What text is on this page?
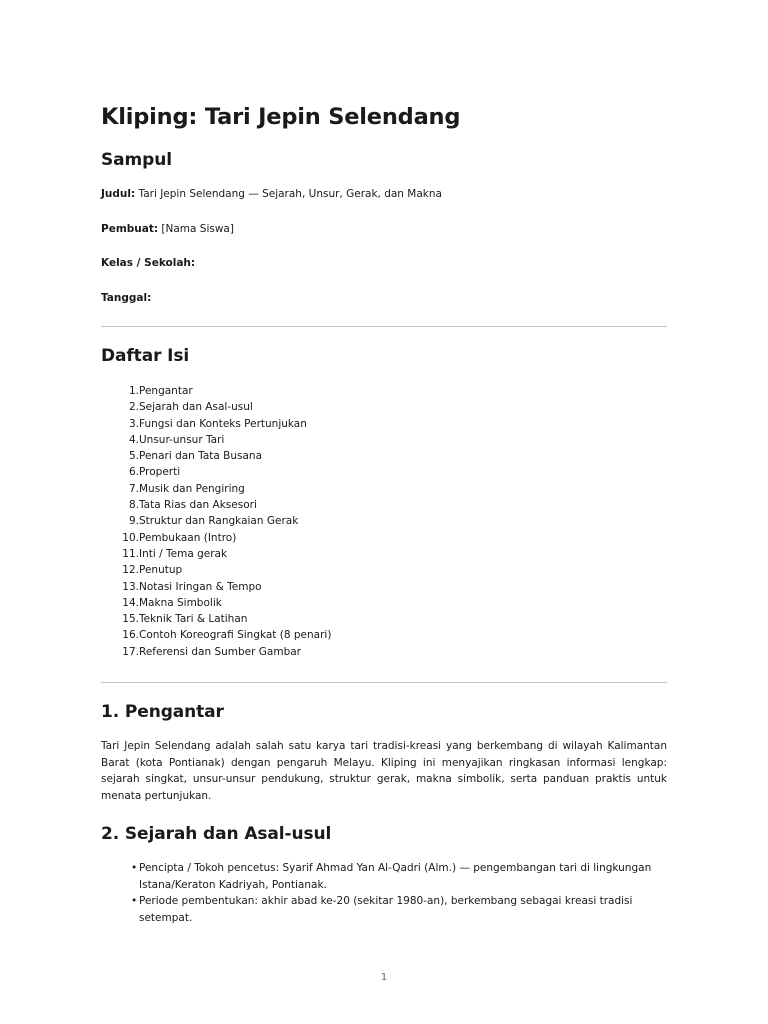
Kliping: Tari Jepin Selendang
Sampul
Judul: Tari Jepin Selendang — Sejarah, Unsur, Gerak, dan Makna
Pembuat: [Nama Siswa]
Kelas / Sekolah:
Tanggal:
Daftar Isi
1. Pengantar
2. Sejarah dan Asal-usul
3. Fungsi dan Konteks Pertunjukan
4. Unsur-unsur Tari
5. Penari dan Tata Busana
6. Properti
7. Musik dan Pengiring
8. Tata Rias dan Aksesori
9. Struktur dan Rangkaian Gerak
10. Pembukaan (Intro)
11. Inti / Tema gerak
12. Penutup
13. Notasi Iringan & Tempo
14. Makna Simbolik
15. Teknik Tari & Latihan
16. Contoh Koreografi Singkat (8 penari)
17. Referensi dan Sumber Gambar
1. Pengantar

Tari Jepin Selendang adalah salah satu karya tari tradisi-kreasi yang berkembang di wilayah Kalimantan Barat (kota Pontianak) dengan pengaruh Melayu. Kliping ini menyajikan ringkasan informasi lengkap: sejarah singkat, unsur-unsur pendukung, struktur gerak, makna simbolik, serta panduan praktis untuk menata pertunjukan.

2. Sejarah dan Asal-usul
• Pencipta / Tokoh pencetus: Syarif Ahmad Yan Al-Qadri (Alm.) — pengembangan tari di lingkungan Istana/Keraton Kadriyah, Pontianak.
• Periode pembentukan: akhir abad ke-20 (sekitar 1980-an), berkembang sebagai kreasi tradisi setempat.
1
